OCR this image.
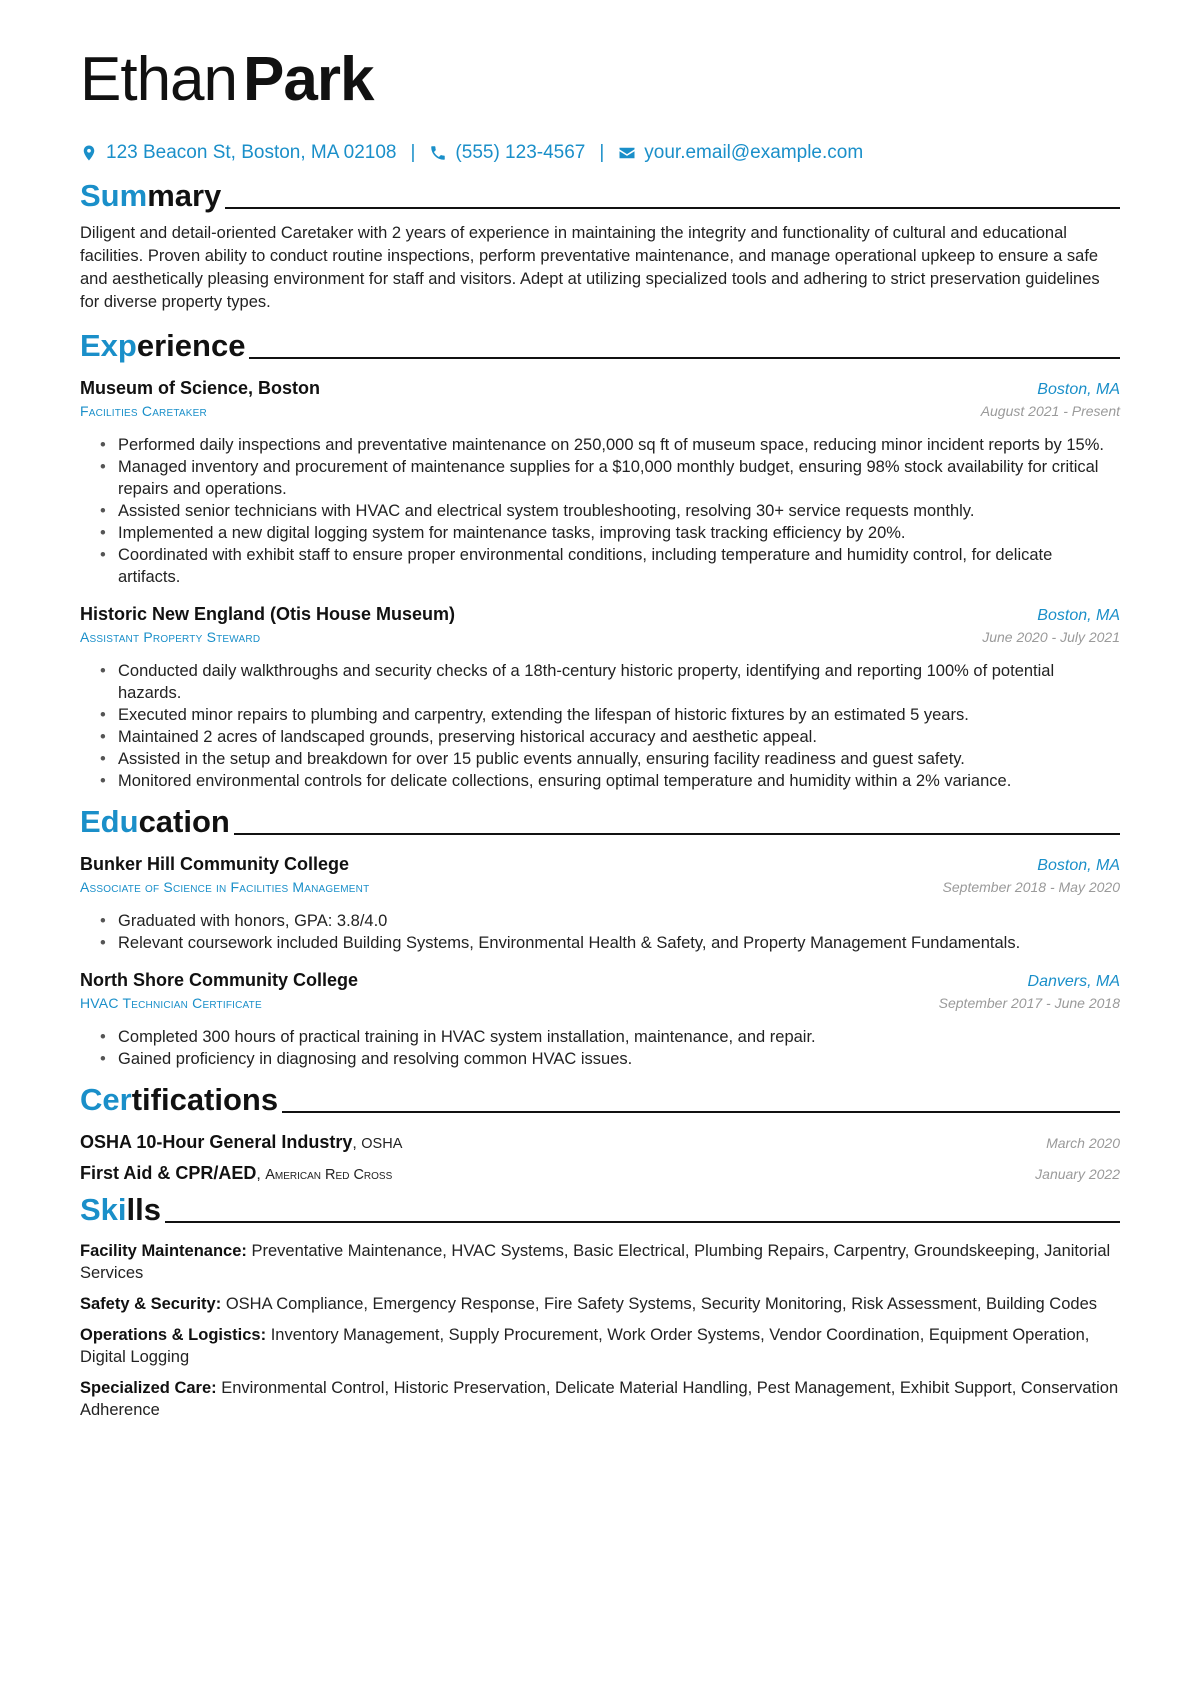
EthanPark
123 Beacon St, Boston, MA 02108 | (555) 123-4567 | your.email@example.com
Summary
Diligent and detail-oriented Caretaker with 2 years of experience in maintaining the integrity and functionality of cultural and educational facilities. Proven ability to conduct routine inspections, perform preventative maintenance, and manage operational upkeep to ensure a safe and aesthetically pleasing environment for staff and visitors. Adept at utilizing specialized tools and adhering to strict preservation guidelines for diverse property types.
Experience
Museum of Science, Boston	Boston, MA
Facilities Caretaker	August 2021 - Present
• Performed daily inspections and preventative maintenance on 250,000 sq ft of museum space, reducing minor incident reports by 15%.
• Managed inventory and procurement of maintenance supplies for a $10,000 monthly budget, ensuring 98% stock availability for critical repairs and operations.
• Assisted senior technicians with HVAC and electrical system troubleshooting, resolving 30+ service requests monthly.
• Implemented a new digital logging system for maintenance tasks, improving task tracking efficiency by 20%.
• Coordinated with exhibit staff to ensure proper environmental conditions, including temperature and humidity control, for delicate artifacts.
Historic New England (Otis House Museum)	Boston, MA
Assistant Property Steward	June 2020 - July 2021
• Conducted daily walkthroughs and security checks of a 18th-century historic property, identifying and reporting 100% of potential hazards.
• Executed minor repairs to plumbing and carpentry, extending the lifespan of historic fixtures by an estimated 5 years.
• Maintained 2 acres of landscaped grounds, preserving historical accuracy and aesthetic appeal.
• Assisted in the setup and breakdown for over 15 public events annually, ensuring facility readiness and guest safety.
• Monitored environmental controls for delicate collections, ensuring optimal temperature and humidity within a 2% variance.
Education
Bunker Hill Community College	Boston, MA
Associate of Science in Facilities Management	September 2018 - May 2020
• Graduated with honors, GPA: 3.8/4.0
• Relevant coursework included Building Systems, Environmental Health & Safety, and Property Management Fundamentals.
North Shore Community College	Danvers, MA
HVAC Technician Certificate	September 2017 - June 2018
• Completed 300 hours of practical training in HVAC system installation, maintenance, and repair.
• Gained proficiency in diagnosing and resolving common HVAC issues.
Certifications
OSHA 10-Hour General Industry, OSHA	March 2020
First Aid & CPR/AED, American Red Cross	January 2022
Skills
Facility Maintenance: Preventative Maintenance, HVAC Systems, Basic Electrical, Plumbing Repairs, Carpentry, Groundskeeping, Janitorial Services
Safety & Security: OSHA Compliance, Emergency Response, Fire Safety Systems, Security Monitoring, Risk Assessment, Building Codes
Operations & Logistics: Inventory Management, Supply Procurement, Work Order Systems, Vendor Coordination, Equipment Operation, Digital Logging
Specialized Care: Environmental Control, Historic Preservation, Delicate Material Handling, Pest Management, Exhibit Support, Conservation Adherence
